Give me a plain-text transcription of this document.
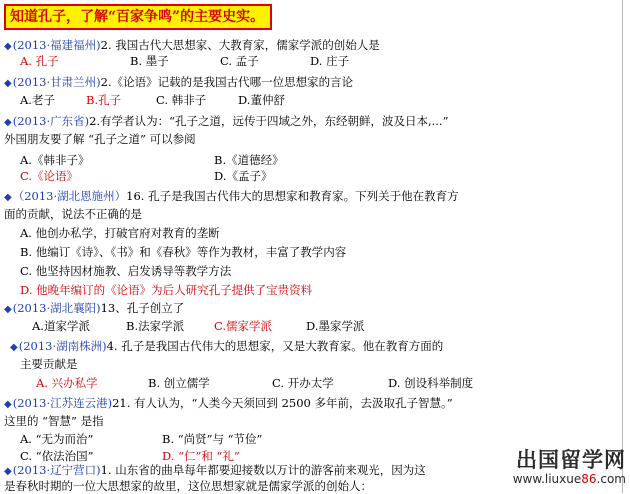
知道孔子，了解“百家争鸣”的主要史实。
◆(2013·福建福州)2. 我国古代大思想家、大教育家，儒家学派的创始人是
A. 孔子	B. 墨子	C. 孟子	D. 庄子
◆(2013·甘肃兰州)2.《论语》记载的是我国古代哪一位思想家的言论
A.老子	B.孔子	C. 韩非子	D.董仲舒
◆(2013·广东省)2.有学者认为：“孔子之道，远传于四域之外，东经朝鲜，波及日本,...”
外国朋友要了解 “孔子之道” 可以参阅
A.《韩非子》	B.《道德经》
C.《论语》	D.《孟子》
◆（2013·湖北恩施州）16. 孔子是我国古代伟大的思想家和教育家。下列关于他在教育方
面的贡献，说法不正确的是
A. 他创办私学，打破官府对教育的垄断
B. 他编订《诗》、《书》和《春秋》等作为教材，丰富了教学内容
C. 他坚持因材施教、启发诱导等教学方法
D. 他晚年编订的《论语》为后人研究孔子提供了宝贵资料
◆(2013·湖北襄阳)13、孔子创立了
A.道家学派	B.法家学派	C.儒家学派	D.墨家学派
◆(2013·湖南株洲)4. 孔子是我国古代伟大的思想家，又是大教育家。他在教育方面的
主要贡献是
A. 兴办私学	B. 创立儒学	C. 开办太学	D. 创设科举制度
◆(2013·江苏连云港)21. 有人认为，“人类今天须回到 2500 多年前，去汲取孔子智慧。”
这里的 “智慧” 是指
A. “无为而治”	B. “尚贤”与 “节俭”
C. “依法治国”	D. “仁”和 “礼”
◆(2013·辽宁营口)1. 山东省的曲阜每年都要迎接数以万计的游客前来观光，因为这
是春秋时期的一位大思想家的故里，这位思想家就是儒家学派的创始人：
出国留学网
www.liuxue86.com
